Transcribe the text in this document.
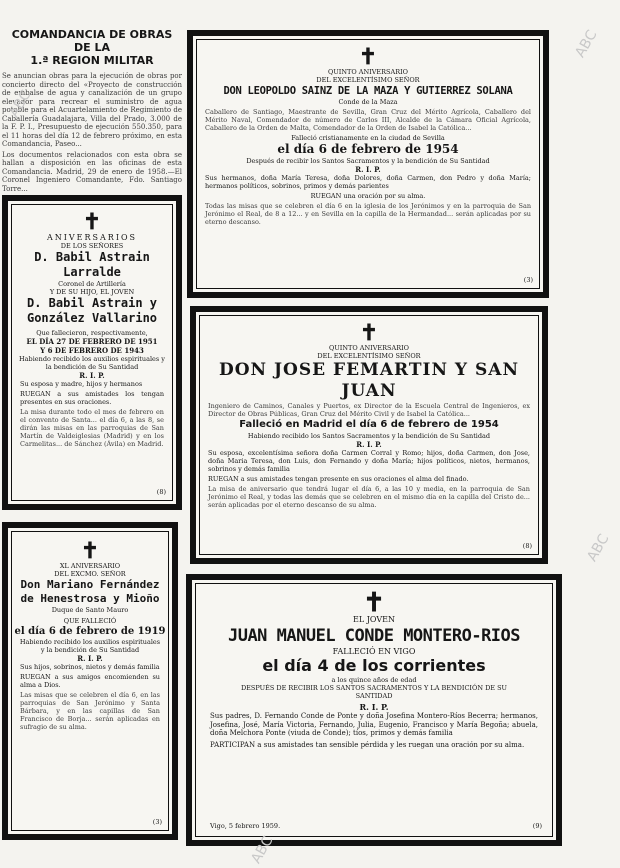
COMANDANCIA DE OBRAS DE LA
1.ª REGION MILITAR
Se anuncian obras para la ejecución de obras por concierto directo del «Proyecto de construcción de embalse de agua y canalización de un grupo elevador para recrear el suministro de agua potable para el Acuartelamiento de Regimiento de Caballería Guadalajara, Villa del Prado, 3.000 de la F. P. I., Presupuesto de ejecución 550.350, para el 11 horas del día 12 de febrero próximo, en esta Comandancia, Paseo...
Los documentos relacionados con esta obra se hallan a disposición en las oficinas de esta Comandancia. Madrid, 29 de enero de 1958.—El Coronel Ingeniero Comandante, Fdo. Santiago Torre...
✝
ANIVERSARIOS
DE LOS SEÑORES
D. Babil Astrain Larralde
Coronel de Artillería
Y DE SU HIJO, EL JOVEN
D. Babil Astrain y González Vallarino
Que fallecieron, respectivamente,
EL DÍA 27 DE FEBRERO DE 1951
Y 6 DE FEBRERO DE 1943
Habiendo recibido los auxilios espirituales y la bendición de Su Santidad
R. I. P.
Su esposa y madre, hijos y hermanos
RUEGAN a sus amistades los tengan presentes en sus oraciones.
La misa durante todo el mes de febrero en el convento de Santa... el día 6, a las 8, se dirán las misas en las parroquias de San Martín de Valdeiglesias (Madrid) y en los Carmelitas... de Sánchez (Ávila) en Madrid.
(8)
✝
XL ANIVERSARIO
DEL EXCMO. SEÑOR
Don Mariano Fernández de Henestrosa y Mioño
Duque de Santo Mauro
QUE FALLECIÓ
el día 6 de febrero de 1919
Habiendo recibido los auxilios espirituales y la bendición de Su Santidad
R. I. P.
Sus hijos, sobrinos, nietos y demás familia
RUEGAN a sus amigos encomienden su alma a Dios.
Las misas que se celebren el día 6, en las parroquias de San Jerónimo y Santa Bárbara, y en las capillas de San Francisco de Borja... serán aplicadas en sufragio de su alma.
(3)
✝
QUINTO ANIVERSARIO
DEL EXCELENTÍSIMO SEÑOR
DON LEOPOLDO SAINZ DE LA MAZA Y GUTIERREZ SOLANA
Conde de la Maza
Caballero de Santiago, Maestrante de Sevilla, Gran Cruz del Mérito Agrícola, Caballero del Mérito Naval, Comendador de número de Carlos III, Alcalde de la Cámara Oficial Agrícola, Caballero de la Orden de Malta, Comendador de la Orden de Isabel la Católica...
Falleció cristianamente en la ciudad de Sevilla
el día 6 de febrero de 1954
Después de recibir los Santos Sacramentos y la bendición de Su Santidad
R. I. P.
Sus hermanos, doña María Teresa, doña Dolores, doña Carmen, don Pedro y doña María; hermanos políticos, sobrinos, primos y demás parientes
RUEGAN una oración por su alma.
Todas las misas que se celebren el día 6 en la iglesia de los Jerónimos y en la parroquia de San Jerónimo el Real, de 8 a 12... y en Sevilla en la capilla de la Hermandad... serán aplicadas por su eterno descanso.
(3)
✝
QUINTO ANIVERSARIO
DEL EXCELENTÍSIMO SEÑOR
DON JOSE FEMARTIN Y SAN JUAN
Ingeniero de Caminos, Canales y Puertos, ex Director de la Escuela Central de Ingenieros, ex Director de Obras Públicas, Gran Cruz del Mérito Civil y de Isabel la Católica...
Falleció en Madrid el día 6 de febrero de 1954
Habiendo recibido los Santos Sacramentos y la bendición de Su Santidad
R. I. P.
Su esposa, excelentísima señora doña Carmen Corral y Romo; hijos, doña Carmen, don Jose, doña Maria Teresa, don Luis, don Fernando y doña María; hijos políticos, nietos, hermanos, sobrinos y demás familia
RUEGAN a sus amistades tengan presente en sus oraciones el alma del finado.
La misa de aniversario que tendrá lugar el día 6, a las 10 y media, en la parroquia de San Jerónimo el Real, y todas las demás que se celebren en el mismo día en la capilla del Cristo de... serán aplicadas por el eterno descanso de su alma.
(8)
✝
EL JOVEN
JUAN MANUEL CONDE MONTERO-RIOS
FALLECIÓ EN VIGO
el día 4 de los corrientes
a los quince años de edad
DESPUÉS DE RECIBIR LOS SANTOS SACRAMENTOS Y LA BENDICIÓN DE SU SANTIDAD
R. I. P.
Sus padres, D. Fernando Conde de Ponte y doña Josefina Montero-Ríos Becerra; hermanos, Josefina, José, María Victoria, Fernando, Julia, Eugenio, Francisco y María Begoña; abuela, doña Melchora Ponte (viuda de Conde); tíos, primos y demás familia
PARTICIPAN a sus amistades tan sensible pérdida y les ruegan una oración por su alma.
Vigo, 5 febrero 1959.	(9)
ABC
ABC
ABC
ABC
